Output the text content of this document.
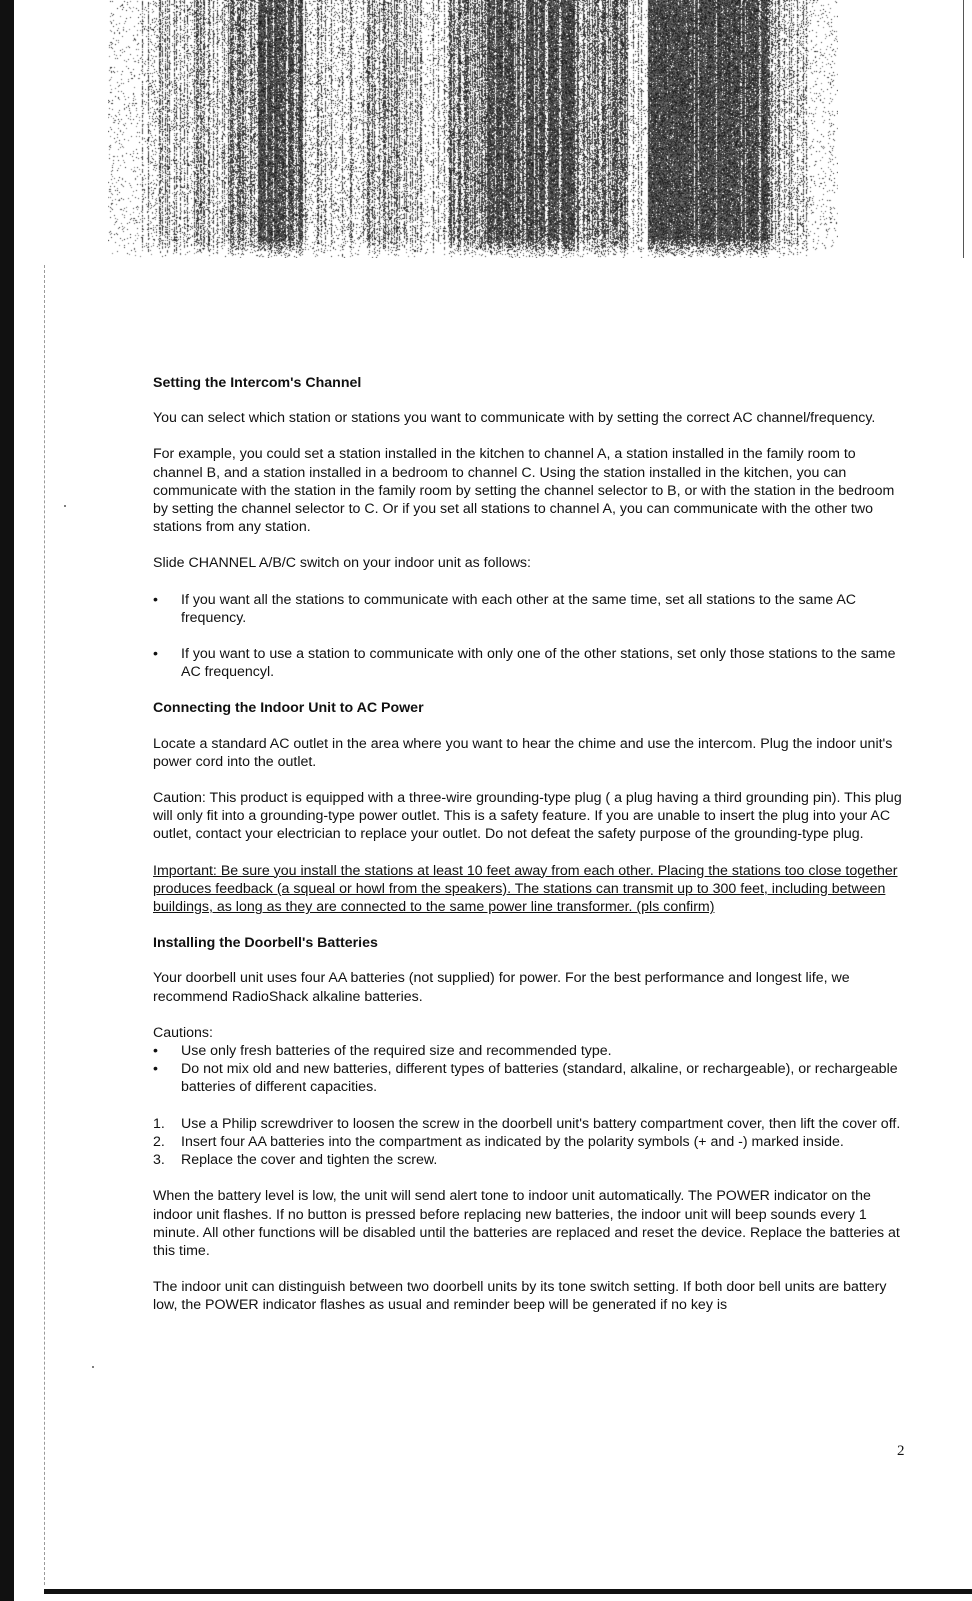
Setting the Intercom's Channel

You can select which station or stations you want to communicate with by setting the correct AC channel/frequency.

For example, you could set a station installed in the kitchen to channel A, a station installed in the family room to channel B, and a station installed in a bedroom to channel C. Using the station installed in the kitchen, you can communicate with the station in the family room by setting the channel selector to B, or with the station in the bedroom by setting the channel selector to C. Or if you set all stations to channel A, you can communicate with the other two stations from any station.

Slide CHANNEL A/B/C switch on your indoor unit as follows:

• If you want all the stations to communicate with each other at the same time, set all stations to the same AC frequency.
• If you want to use a station to communicate with only one of the other stations, set only those stations to the same AC frequencyl.
Connecting the Indoor Unit to AC Power

Locate a standard AC outlet in the area where you want to hear the chime and use the intercom. Plug the indoor unit's power cord into the outlet.

Caution: This product is equipped with a three-wire grounding-type plug ( a plug having a third grounding pin). This plug will only fit into a grounding-type power outlet. This is a safety feature. If you are unable to insert the plug into your AC outlet, contact your electrician to replace your outlet. Do not defeat the safety purpose of the grounding-type plug.

Important: Be sure you install the stations at least 10 feet away from each other. Placing the stations too close together produces feedback (a squeal or howl from the speakers). The stations can transmit up to 300 feet, including between buildings, as long as they are connected to the same power line transformer. (pls confirm)

Installing the Doorbell's Batteries

Your doorbell unit uses four AA batteries (not supplied) for power. For the best performance and longest life, we recommend RadioShack alkaline batteries.

Cautions:

• Use only fresh batteries of the required size and recommended type.
• Do not mix old and new batteries, different types of batteries (standard, alkaline, or rechargeable), or rechargeable batteries of different capacities.
1. Use a Philip screwdriver to loosen the screw in the doorbell unit's battery compartment cover, then lift the cover off.
2. Insert four AA batteries into the compartment as indicated by the polarity symbols (+ and -) marked inside.
3. Replace the cover and tighten the screw.

When the battery level is low, the unit will send alert tone to indoor unit automatically. The POWER indicator on the indoor unit flashes. If no button is pressed before replacing new batteries, the indoor unit will beep sounds every 1 minute. All other functions will be disabled until the batteries are replaced and reset the device. Replace the batteries at this time.

The indoor unit can distinguish between two doorbell units by its tone switch setting. If both door bell units are battery low, the POWER indicator flashes as usual and reminder beep will be generated if no key is

2
